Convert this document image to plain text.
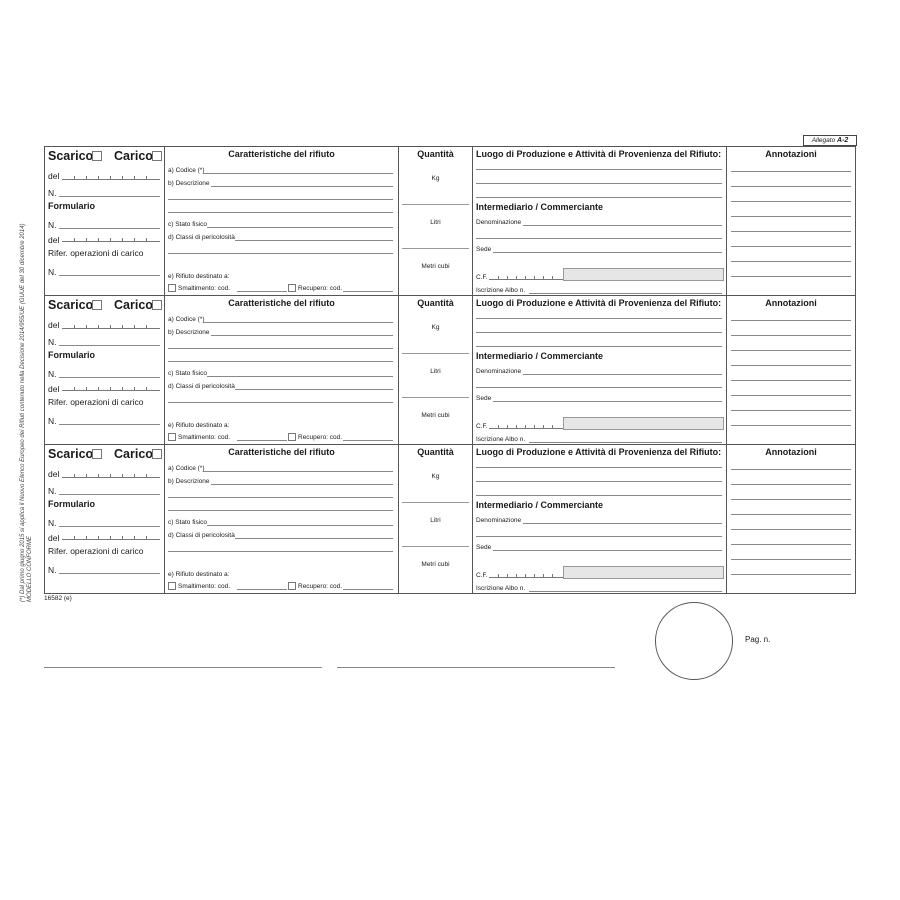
Allegato A-2
(*) Dal primo giugno 2015 si applica il Nuovo Elenco Europeo dei Rifiuti contenuto nella Decisione 2014/955/UE (GUUE del 30 dicembre 2014) MODELLO CONFORME
Scarico Carico
del
N.
Formulario
N.
del
Rifer. operazioni di carico
N.
Caratteristiche del rifiuto
a) Codice (*)
b) Descrizione
c) Stato fisico
d) Classi di pericolosità
e) Rifiuto destinato a:
Smaltimento: cod.	Recupero: cod.
Quantità
Kg
Litri
Metri cubi
Luogo di Produzione e Attività di Provenienza del Rifiuto:
Intermediario / Commerciante
Denominazione
Sede
C.F.
Iscrizione Albo n.
Annotazioni
Scarico Carico
del
N.
Formulario
N.
del
Rifer. operazioni di carico
N.
Caratteristiche del rifiuto
a) Codice (*)
b) Descrizione
c) Stato fisico
d) Classi di pericolosità
e) Rifiuto destinato a:
Smaltimento: cod.	Recupero: cod.
Quantità
Kg
Litri
Metri cubi
Luogo di Produzione e Attività di Provenienza del Rifiuto:
Intermediario / Commerciante
Denominazione
Sede
C.F.
Iscrizione Albo n.
Annotazioni
Scarico Carico
del
N.
Formulario
N.
del
Rifer. operazioni di carico
N.
Caratteristiche del rifiuto
a) Codice (*)
b) Descrizione
c) Stato fisico
d) Classi di pericolosità
e) Rifiuto destinato a:
Smaltimento: cod.	Recupero: cod.
Quantità
Kg
Litri
Metri cubi
Luogo di Produzione e Attività di Provenienza del Rifiuto:
Intermediario / Commerciante
Denominazione
Sede
C.F.
Iscrizione Albo n.
Annotazioni
16582 (e)
Pag. n.
